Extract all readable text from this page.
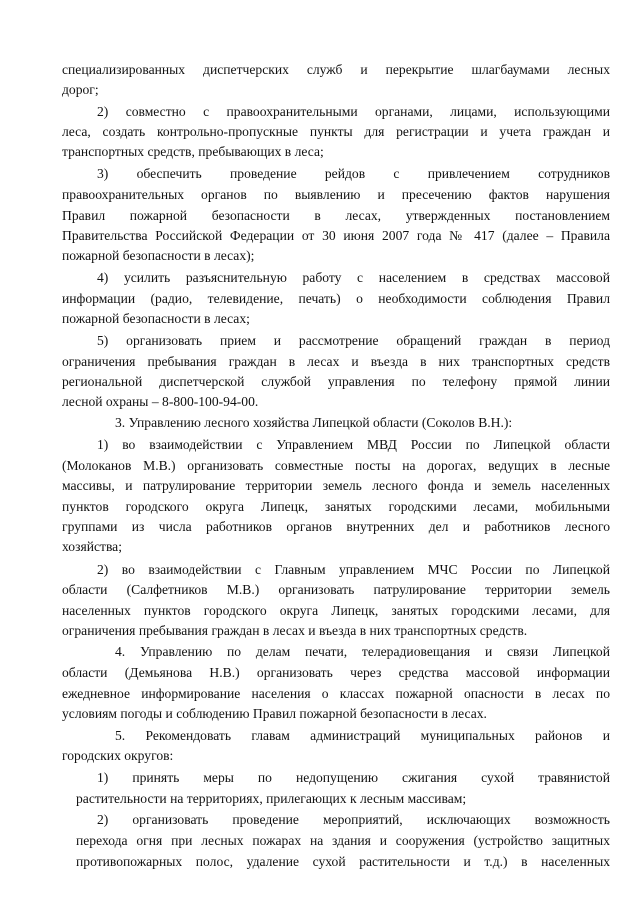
специализированных диспетчерских служб и перекрытие шлагбаумами лесных
дорог;
2) совместно с правоохранительными органами, лицами, использующими
леса, создать контрольно-пропускные пункты для регистрации и учета граждан и
транспортных средств, пребывающих в леса;
3) обеспечить проведение рейдов с привлечением сотрудников
правоохранительных органов по выявлению и пресечению фактов нарушения
Правил пожарной безопасности в лесах, утвержденных постановлением
Правительства Российской Федерации от 30 июня 2007 года № 417 (далее – Правила
пожарной безопасности в лесах);
4) усилить разъяснительную работу с населением в средствах массовой
информации (радио, телевидение, печать) о необходимости соблюдения Правил
пожарной безопасности в лесах;
5) организовать прием и рассмотрение обращений граждан в период
ограничения пребывания граждан в лесах и въезда в них транспортных средств
региональной диспетчерской службой управления по телефону прямой линии
лесной охраны – 8-800-100-94-00.
3. Управлению лесного хозяйства Липецкой области (Соколов В.Н.):
1) во взаимодействии с Управлением МВД России по Липецкой области
(Молоканов М.В.) организовать совместные посты на дорогах, ведущих в лесные
массивы, и патрулирование территории земель лесного фонда и земель населенных
пунктов городского округа Липецк, занятых городскими лесами, мобильными
группами из числа работников органов внутренних дел и работников лесного
хозяйства;
2) во взаимодействии с Главным управлением МЧС России по Липецкой
области (Салфетников М.В.) организовать патрулирование территории земель
населенных пунктов городского округа Липецк, занятых городскими лесами, для
ограничения пребывания граждан в лесах и въезда в них транспортных средств.
4. Управлению по делам печати, телерадиовещания и связи Липецкой
области (Демьянова Н.В.) организовать через средства массовой информации
ежедневное информирование населения о классах пожарной опасности в лесах по
условиям погоды и соблюдению Правил пожарной безопасности в лесах.
5. Рекомендовать главам администраций муниципальных районов и
городских округов:
1) принять меры по недопущению сжигания сухой травянистой
растительности на территориях, прилегающих к лесным массивам;
2) организовать проведение мероприятий, исключающих возможность
перехода огня при лесных пожарах на здания и сооружения (устройство защитных
противопожарных полос, удаление сухой растительности и т.д.) в населенных
